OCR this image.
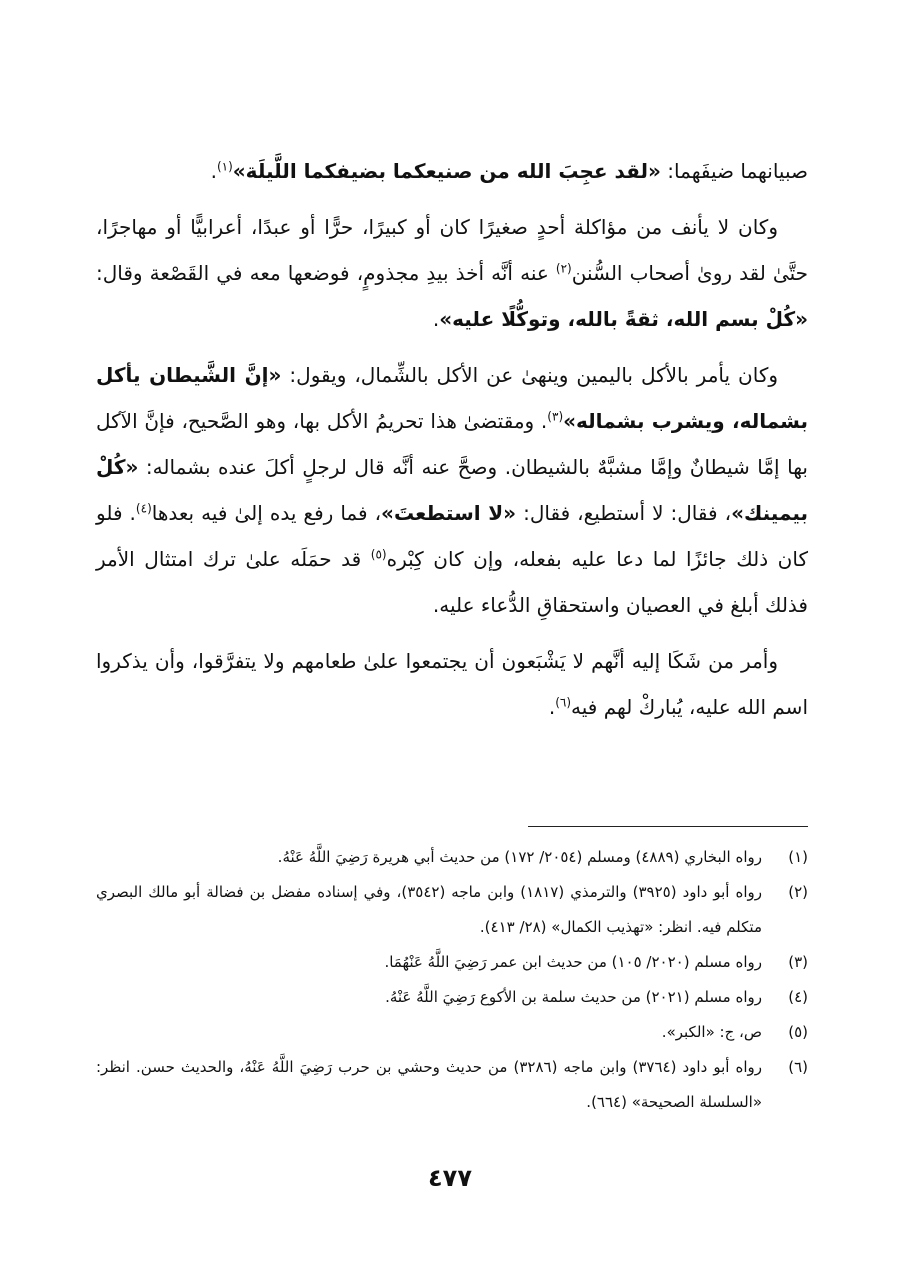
صبيانهما ضيفَهما: «لقد عجِبَ الله من صنيعكما بضيفكما اللَّيلَة»$^{(١)}$.

وكان لا يأنف من مؤاكلة أحدٍ صغيرًا كان أو كبيرًا، حرًّا أو عبدًا، أعرابيًّا أو مهاجرًا، حتَّىٰ لقد روىٰ أصحاب السُّنن$^{(٢)}$ عنه أنَّه أخذ بيدِ مجذومٍ، فوضعها معه في القَصْعة وقال: «كُلْ بسم الله، ثقةً بالله، وتوكُّلًا عليه».

وكان يأمر بالأكل باليمين وينهىٰ عن الأكل بالشِّمال، ويقول: «إنَّ الشَّيطان يأكل بشماله، ويشرب بشماله»$^{(٣)}$. ومقتضىٰ هذا تحريمُ الأكل بها، وهو الصَّحيح، فإنَّ الآكل بها إمَّا شيطانٌ وإمَّا مشبَّهٌ بالشيطان. وصحَّ عنه أنَّه قال لرجلٍ أكلَ عنده بشماله: «كُلْ بيمينك»، فقال: لا أستطيع، فقال: «لا استطعتَ»، فما رفع يده إلىٰ فيه بعدها$^{(٤)}$. فلو كان ذلك جائزًا لما دعا عليه بفعله، وإن كان كِبْره$^{(٥)}$ قد حمَلَه علىٰ ترك امتثال الأمر فذلك أبلغ في العصيان واستحقاقِ الدُّعاء عليه.

وأمر من شَكَا إليه أنَّهم لا يَشْبَعون أن يجتمعوا علىٰ طعامهم ولا يتفرَّقوا، وأن يذكروا اسم الله عليه، يُباركْ لهم فيه$^{(٦)}$.

(١)
رواه البخاري (٤٨٨٩) ومسلم (٢٠٥٤/ ١٧٢) من حديث أبي هريرة رَضِيَ اللَّهُ عَنْهُ.
(٢)
رواه أبو داود (٣٩٢٥) والترمذي (١٨١٧) وابن ماجه (٣٥٤٢)، وفي إسناده مفضل بن فضالة أبو مالك البصري متكلم فيه. انظر: «تهذيب الكمال» (٢٨/ ٤١٣).
(٣)
رواه مسلم (٢٠٢٠/ ١٠٥) من حديث ابن عمر رَضِيَ اللَّهُ عَنْهُمَا.
(٤)
رواه مسلم (٢٠٢١) من حديث سلمة بن الأكوع رَضِيَ اللَّهُ عَنْهُ.
(٥)
ص، ج: «الكبر».
(٦)
رواه أبو داود (٣٧٦٤) وابن ماجه (٣٢٨٦) من حديث وحشي بن حرب رَضِيَ اللَّهُ عَنْهُ، والحديث حسن. انظر: «السلسلة الصحيحة» (٦٦٤).
٤٧٧
